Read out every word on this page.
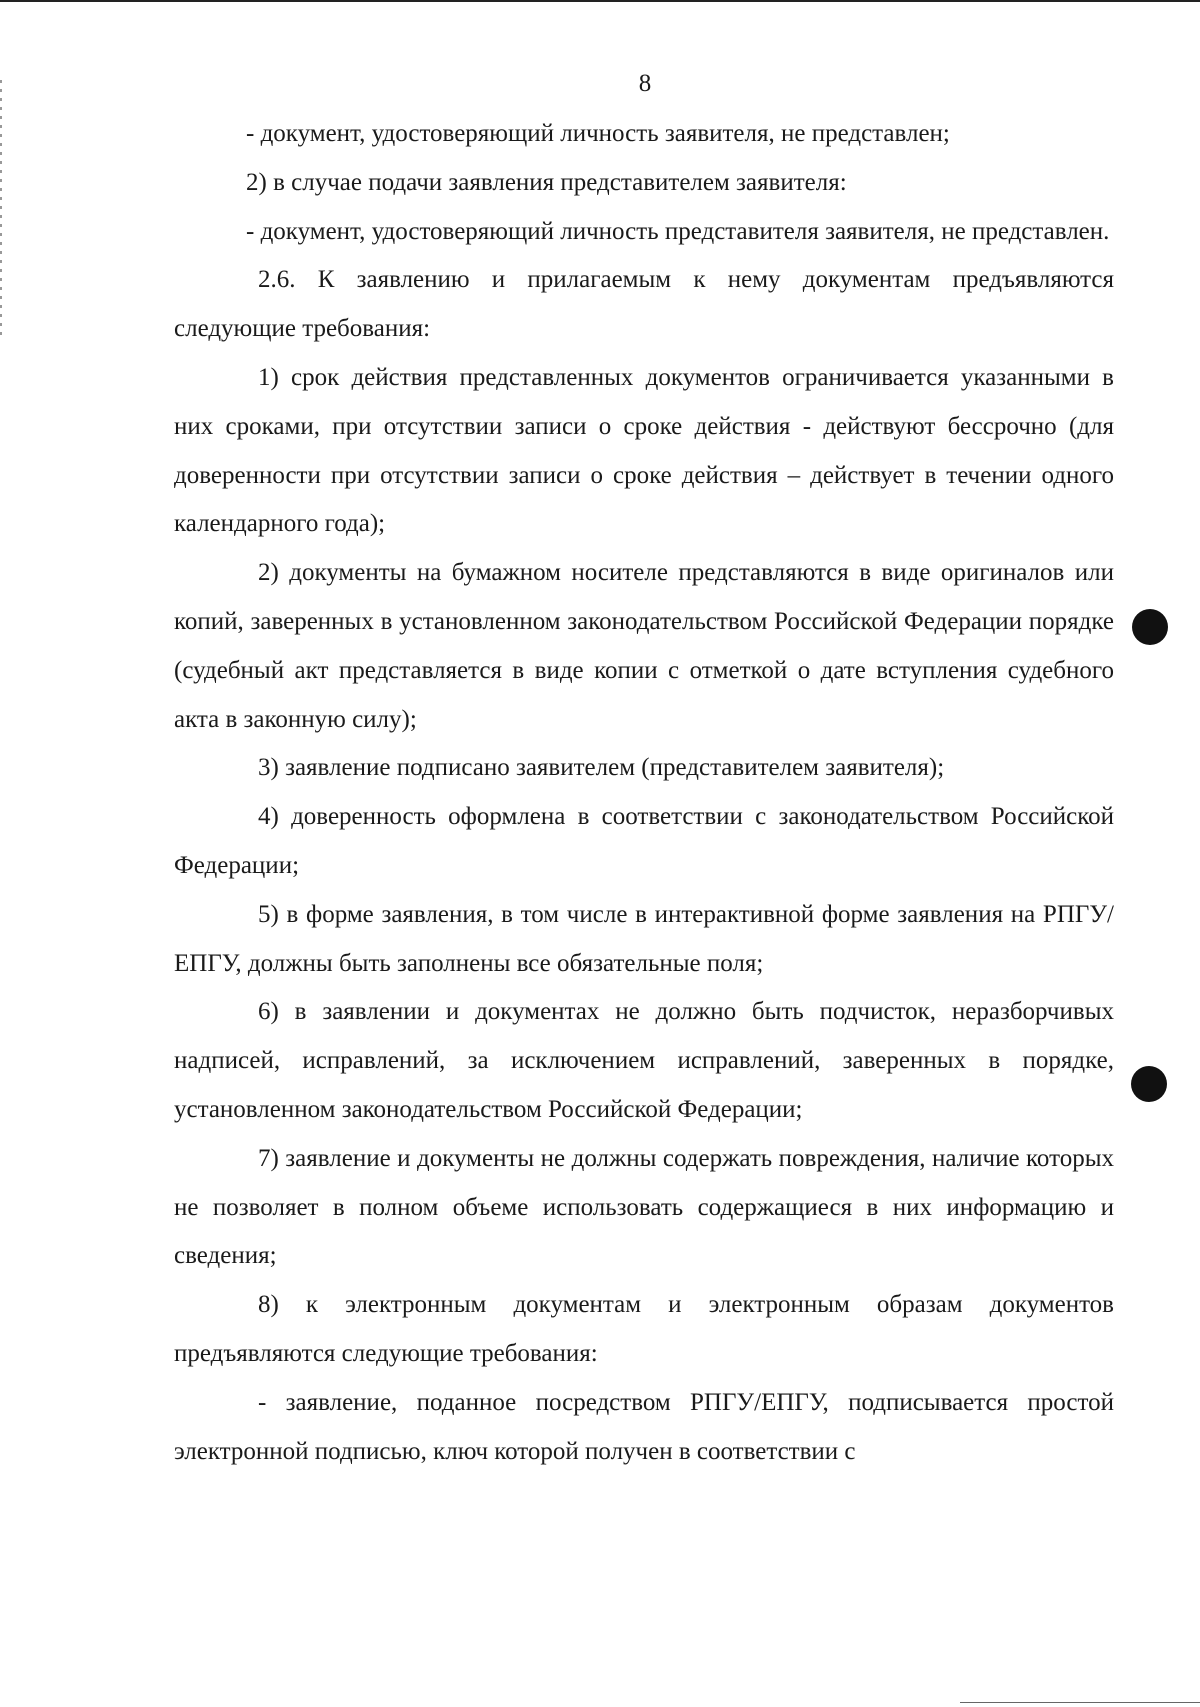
8

- документ, удостоверяющий личность заявителя, не представлен;

2) в случае подачи заявления представителем заявителя:

- документ, удостоверяющий личность представителя заявителя, не представлен.

2.6. К заявлению и прилагаемым к нему документам предъявляются следующие требования:

1) срок действия представленных документов ограничивается указанными в них сроками, при отсутствии записи о сроке действия - действуют бессрочно (для доверенности при отсутствии записи о сроке действия – действует в течении одного календарного года);

2) документы на бумажном носителе представляются в виде оригиналов или копий, заверенных в установленном законодательством Российской Федерации порядке (судебный акт представляется в виде копии с отметкой о дате вступления судебного акта в законную силу);

3) заявление подписано заявителем (представителем заявителя);

4) доверенность оформлена в соответствии с законодательством Российской Федерации;

5) в форме заявления, в том числе в интерактивной форме заявления на РПГУ/ЕПГУ, должны быть заполнены все обязательные поля;

6) в заявлении и документах не должно быть подчисток, неразборчивых надписей, исправлений, за исключением исправлений, заверенных в порядке, установленном законодательством Российской Федерации;

7) заявление и документы не должны содержать повреждения, наличие которых не позволяет в полном объеме использовать содержащиеся в них информацию и сведения;

8) к электронным документам и электронным образам документов предъявляются следующие требования:

- заявление, поданное посредством РПГУ/ЕПГУ, подписывается простой электронной подписью, ключ которой получен в соответствии с
